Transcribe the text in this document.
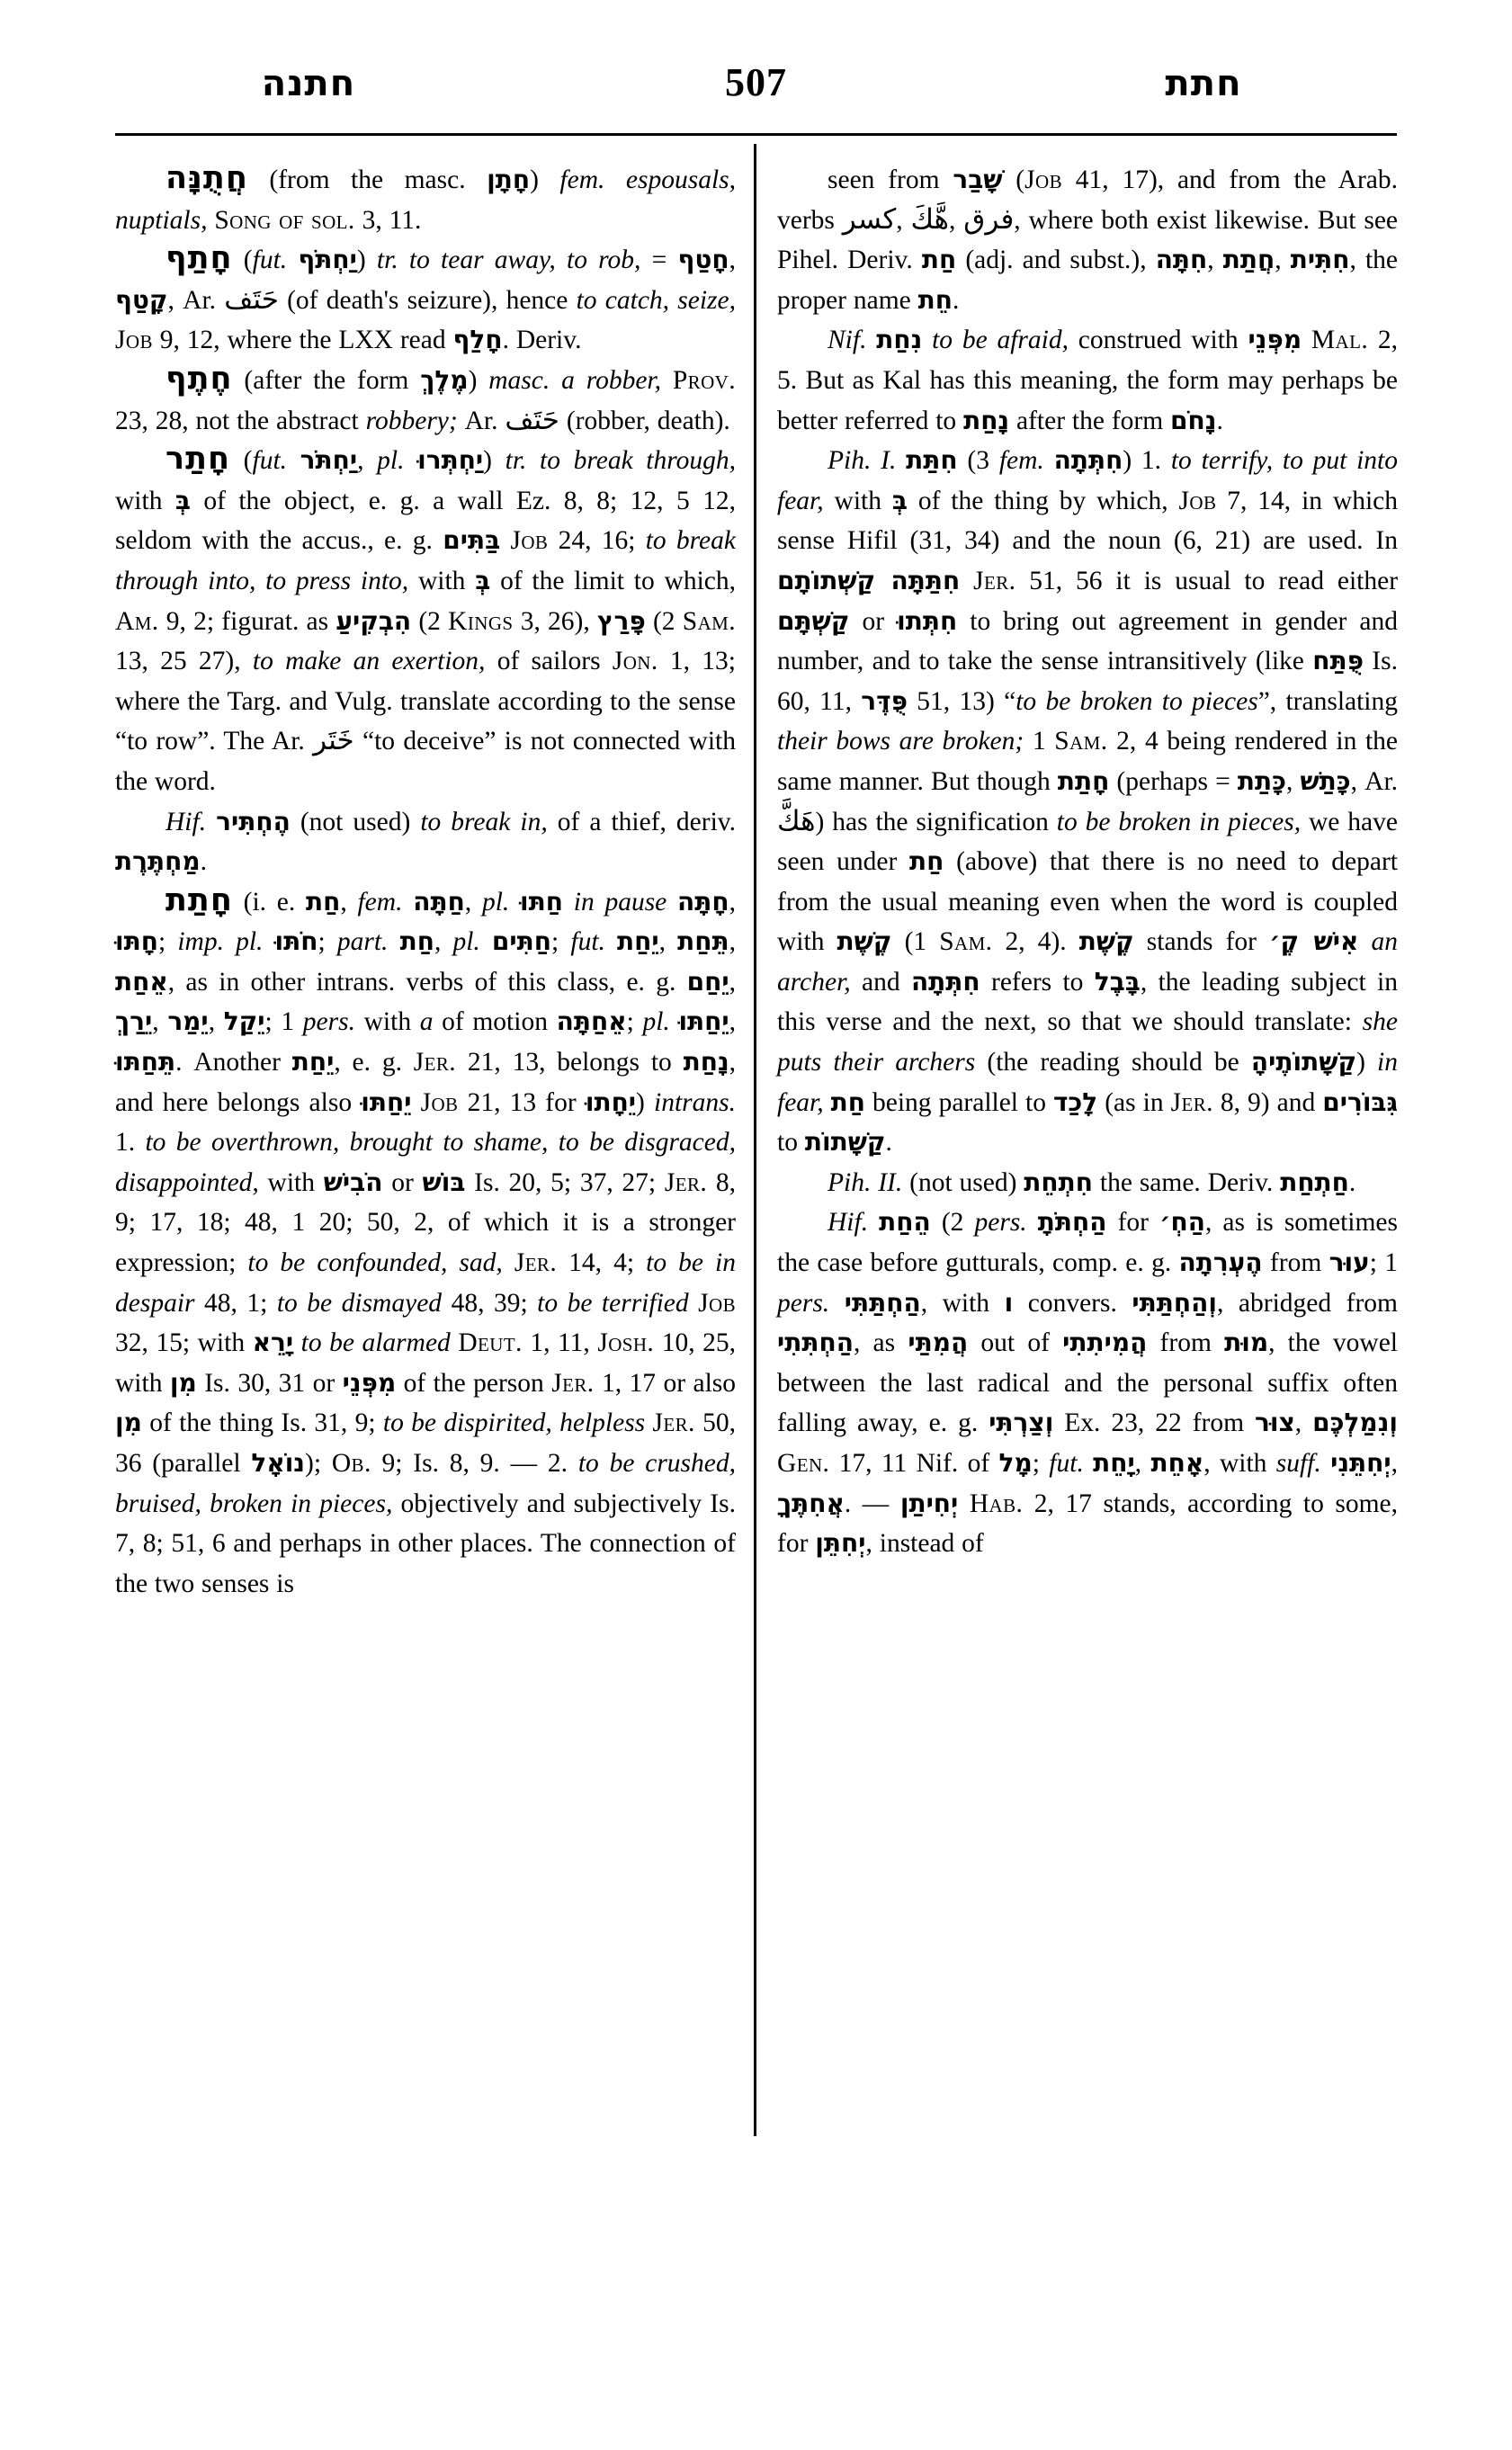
חתנה	507	חתת

חֲתֻנָּה (from the masc. חָתָן) fem. espousals, nuptials, Song of sol. 3, 11.

חָתַף (fut. יַחְתֹּף) tr. to tear away, to rob, = חָטַף, קָטַף, Ar. حَتَف (of death's seizure), hence to catch, seize, Job 9, 12, where the LXX read חָלַף. Deriv.

חֶתֶף (after the form מֶלֶךְ) masc. a robber, Prov. 23, 28, not the abstract robbery; Ar. حَتَف (robber, death).

חָתַר (fut. יַחְתֹּר, pl. יַחְתְּרוּ) tr. to break through, with בְּ of the object, e. g. a wall Ez. 8, 8; 12, 5 12, seldom with the accus., e. g. בַּתִּים Job 24, 16; to break through into, to press into, with בְּ of the limit to which, Am. 9, 2; figurat. as הִבְקִיעַ (2 Kings 3, 26), פָּרַץ (2 Sam. 13, 25 27), to make an exertion, of sailors Jon. 1, 13; where the Targ. and Vulg. translate according to the sense “to row”. The Ar. خَتَر “to deceive” is not connected with the word.

Hif. הֶחְתִּיר (not used) to break in, of a thief, deriv. מַחְתֶּרֶת.

חָתַת (i. e. חַת, fem. חַתָּה, pl. חַתּוּ in pause חָתָּה, חָתּוּ; imp. pl. חֹתּוּ; part. חַת, pl. חַתִּים; fut. יֵחַת, תֵּחַת, אֵחַת, as in other intrans. verbs of this class, e. g. יֵחַם, יֵרַךְ, יֵמַר, יֵקַל; 1 pers. with a of motion אֵחַתָּה; pl. יֵחַתּוּ, תֵּחַתּוּ. Another יֵחַת, e. g. Jer. 21, 13, belongs to נָחַת, and here belongs also יֵחַתּוּ Job 21, 13 for יֵחָתוּ) intrans. 1. to be overthrown, brought to shame, to be disgraced, disappointed, with הֹבִישׁ or בּוֹשׁ Is. 20, 5; 37, 27; Jer. 8, 9; 17, 18; 48, 1 20; 50, 2, of which it is a stronger expression; to be confounded, sad, Jer. 14, 4; to be in despair 48, 1; to be dismayed 48, 39; to be terrified Job 32, 15; with יָרֵא to be alarmed Deut. 1, 11, Josh. 10, 25, with מִן Is. 30, 31 or מִפְּנֵי of the person Jer. 1, 17 or also מִן of the thing Is. 31, 9; to be dispirited, helpless Jer. 50, 36 (parallel נוֹאָל); Ob. 9; Is. 8, 9. — 2. to be crushed, bruised, broken in pieces, objectively and subjectively Is. 7, 8; 51, 6 and perhaps in other places. The connection of the two senses is

seen from שָׁבַר (Job 41, 17), and from the Arab. verbs كسر, هَّكَ, فرق, where both exist likewise. But see Pihel. Deriv. חַת (adj. and subst.), חִתָּה, חֲתַת, חִתִּית, the proper name חֵת.

Nif. נִחַת to be afraid, construed with מִפְּנֵי Mal. 2, 5. But as Kal has this meaning, the form may perhaps be better referred to נָחַת after the form נָחֹם.

Pih. I. חִתַּת (3 fem. חִתְּתָה) 1. to terrify, to put into fear, with בְּ of the thing by which, Job 7, 14, in which sense Hifil (31, 34) and the noun (6, 21) are used. In חִתַּתָּה קַשְּׁתוֹתָם Jer. 51, 56 it is usual to read either קַשְׁתָּם or חִתְּתוּ to bring out agreement in gender and number, and to take the sense intransitively (like פֻּתַּח Is. 60, 11, פֻּדֶּר 51, 13) “to be broken to pieces”, translating their bows are broken; 1 Sam. 2, 4 being rendered in the same manner. But though חָתַת (perhaps = כָּתַת, כָּתַשׁ, Ar. هَكَّ) has the signification to be broken in pieces, we have seen under חַת (above) that there is no need to depart from the usual meaning even when the word is coupled with קֶשֶׁת (1 Sam. 2, 4). קֶשֶׁת stands for אִישׁ קֶ׳ an archer, and חִתְּתָה refers to בָּבֶל, the leading subject in this verse and the next, so that we should translate: she puts their archers (the reading should be קַשָּׁתוֹתֶיהָ) in fear, חַת being parallel to לָכַד (as in Jer. 8, 9) and גִּבּוֹרִים to קַשָּׁתוֹת.

Pih. II. (not used) חִתְחֵת the same. Deriv. חַתְחַת.

Hif. הֵחַת (2 pers. הַחְתֹּתָ for הַחְ׳, as is sometimes the case before gutturals, comp. e. g. הֶעְרִתָה from עוּר; 1 pers. הַחְתַּתִּי, with ו convers. וְהַחְתַּתִּי, abridged from הַחְתִּתִי, as הֲמִתַּי out of הֲמִיתִתִי from מוּת, the vowel between the last radical and the personal suffix often falling away, e. g. וְצַרְתִּי Ex. 23, 22 from צוּר, וְנִמַלְכֶּם Gen. 17, 11 Nif. of מָל; fut. יָחֵת, אָחֵת, with suff. יְחִתֵּנִי, אֲחִתֶּךָ. — יְחִיתַן Hab. 2, 17 stands, according to some, for יְחִתֵּן, instead of
